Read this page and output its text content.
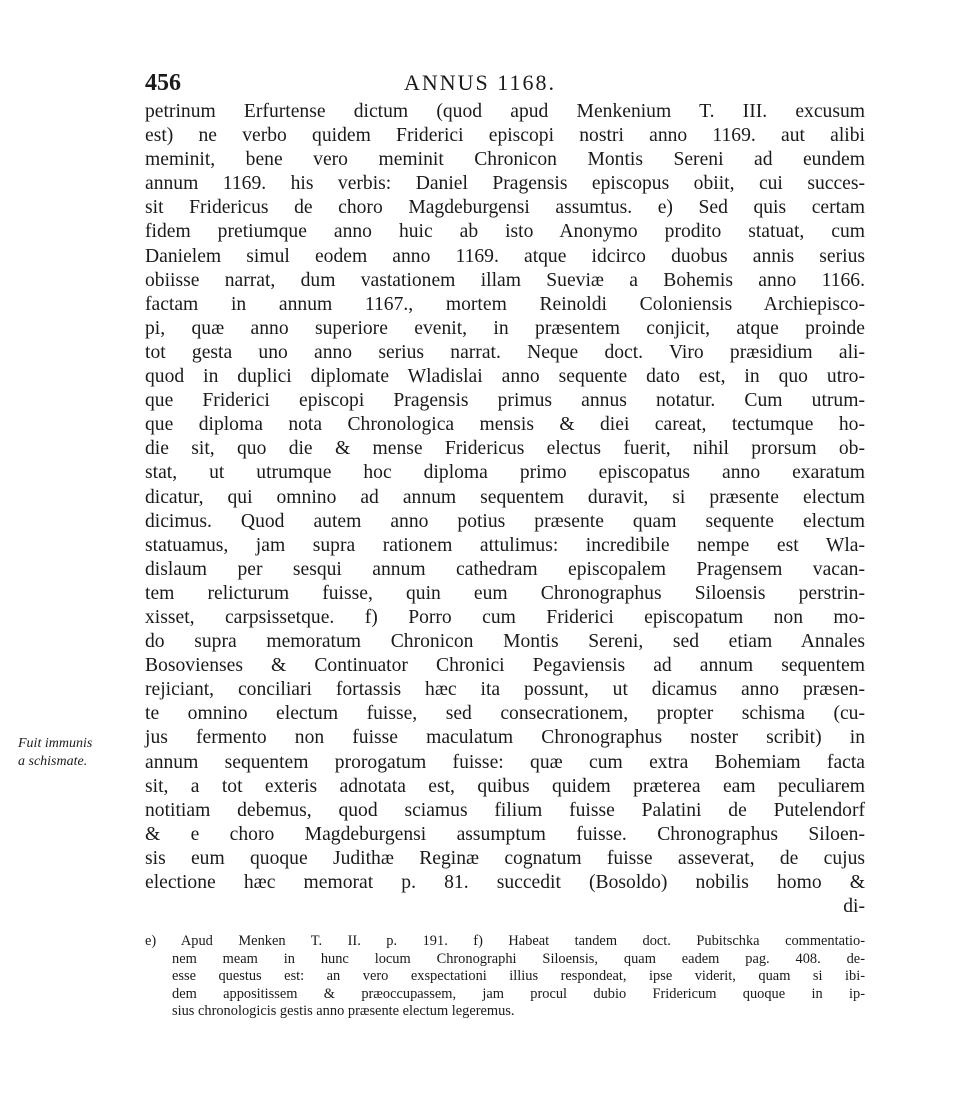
456	ANNUS 1168.
Fuit immunis
a schismate.
petrinum Erfurtense dictum (quod apud Menkenium T. III. excusum
est) ne verbo quidem Friderici episcopi nostri anno 1169. aut alibi
meminit, bene vero meminit Chronicon Montis Sereni ad eundem
annum 1169. his verbis: Daniel Pragensis episcopus obiit, cui succes-
sit Fridericus de choro Magdeburgensi assumtus. e) Sed quis certam
fidem pretiumque anno huic ab isto Anonymo prodito statuat, cum
Danielem simul eodem anno 1169. atque idcirco duobus annis serius
obiisse narrat, dum vastationem illam Sueviæ a Bohemis anno 1166.
factam in annum 1167., mortem Reinoldi Coloniensis Archiepisco-
pi, quæ anno superiore evenit, in præsentem conjicit, atque proinde
tot gesta uno anno serius narrat. Neque doct. Viro præsidium ali-
quod in duplici diplomate Wladislai anno sequente dato est, in quo utro-
que Friderici episcopi Pragensis primus annus notatur. Cum utrum-
que diploma nota Chronologica mensis & diei careat, tectumque ho-
die sit, quo die & mense Fridericus electus fuerit, nihil prorsum ob-
stat, ut utrumque hoc diploma primo episcopatus anno exaratum
dicatur, qui omnino ad annum sequentem duravit, si præsente electum
dicimus. Quod autem anno potius præsente quam sequente electum
statuamus, jam supra rationem attulimus: incredibile nempe est Wla-
dislaum per sesqui annum cathedram episcopalem Pragensem vacan-
tem relicturum fuisse, quin eum Chronographus Siloensis perstrin-
xisset, carpsissetque. f) Porro cum Friderici episcopatum non mo-
do supra memoratum Chronicon Montis Sereni, sed etiam Annales
Bosovienses & Continuator Chronici Pegaviensis ad annum sequentem
rejiciant, conciliari fortassis hæc ita possunt, ut dicamus anno præsen-
te omnino electum fuisse, sed consecrationem, propter schisma (cu-
jus fermento non fuisse maculatum Chronographus noster scribit) in
annum sequentem prorogatum fuisse: quæ cum extra Bohemiam facta
sit, a tot exteris adnotata est, quibus quidem præterea eam peculiarem
notitiam debemus, quod sciamus filium fuisse Palatini de Putelendorf
& e choro Magdeburgensi assumptum fuisse. Chronographus Siloen-
sis eum quoque Judithæ Reginæ cognatum fuisse asseverat, de cujus
electione hæc memorat p. 81. succedit (Bosoldo) nobilis homo &
di-
e) Apud Menken T. II. p. 191. f) Habeat tandem doct. Pubitschka commentatio-
nem meam in hunc locum Chronographi Siloensis, quam eadem pag. 408. de-
esse questus est: an vero exspectationi illius respondeat, ipse viderit, quam si ibi-
dem appositissem & præoccupassem, jam procul dubio Fridericum quoque in ip-
sius chronologicis gestis anno præsente electum legeremus.
